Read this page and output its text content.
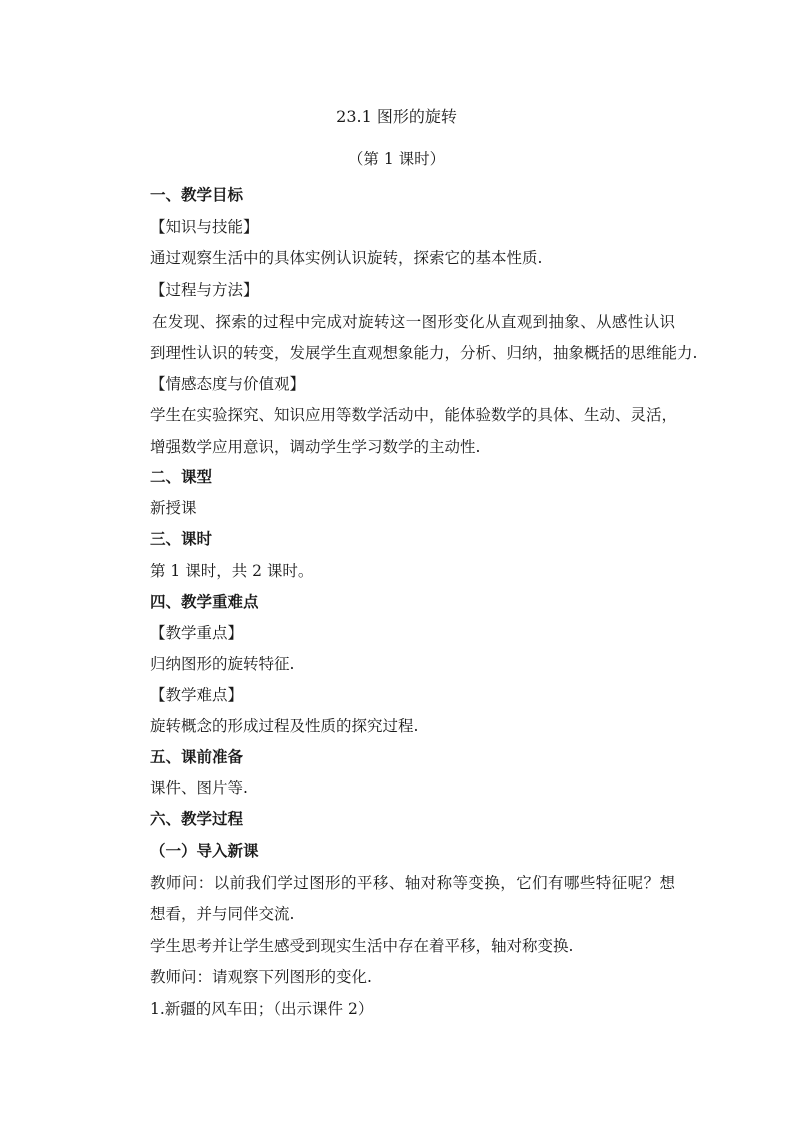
23.1 图形的旋转
（第 1 课时）
一、教学目标
【知识与技能】
通过观察生活中的具体实例认识旋转，探索它的基本性质.
【过程与方法】
在发现、探索的过程中完成对旋转这一图形变化从直观到抽象、从感性认识
到理性认识的转变，发展学生直观想象能力，分析、归纳，抽象概括的思维能力.
【情感态度与价值观】
学生在实验探究、知识应用等数学活动中，能体验数学的具体、生动、灵活，
增强数学应用意识，调动学生学习数学的主动性.
二、课型
新授课
三、课时
第 1 课时，共 2 课时。
四、教学重难点
【教学重点】
归纳图形的旋转特征.
【教学难点】
旋转概念的形成过程及性质的探究过程.
五、课前准备
课件、图片等.
六、教学过程
（一）导入新课
教师问：以前我们学过图形的平移、轴对称等变换，它们有哪些特征呢？想
想看，并与同伴交流.
学生思考并让学生感受到现实生活中存在着平移，轴对称变换.
教师问：请观察下列图形的变化.
1.新疆的风车田；（出示课件 2）
